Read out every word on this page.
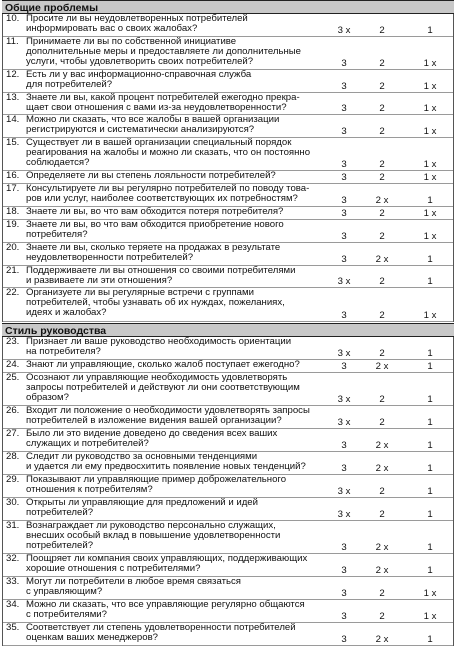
Общие проблемы
10. Просите ли вы неудовлетворенных потребителей
информировать вас о своих жалобах?	3 x	2	1
11. Принимаете ли вы по собственной инициативе
дополнительные меры и предоставляете ли дополнительные
услуги, чтобы удовлетворить своих потребителей?	3	2	1 x
12. Есть ли у вас информационно-справочная служба
для потребителей?	3	2	1 x
13. Знаете ли вы, какой процент потребителей ежегодно прекра-
щает свои отношения с вами из-за неудовлетворенности?	3	2	1 x
14. Можно ли сказать, что все жалобы в вашей организации
регистрируются и систематически анализируются?	3	2	1 x
15. Существует ли в вашей организации специальный порядок
реагирования на жалобы и можно ли сказать, что он постоянно
соблюдается?	3	2	1 x
16. Определяете ли вы степень лояльности потребителей?	3	2	1 x
17. Консультируете ли вы регулярно потребителей по поводу това-
ров или услуг, наиболее соответствующих их потребностям?	3	2 x	1
18. Знаете ли вы, во что вам обходится потеря потребителя?	3	2	1 x
19. Знаете ли вы, во что вам обходится приобретение нового
потребителя?	3	2	1 x
20. Знаете ли вы, сколько теряете на продажах в результате
неудовлетворенности потребителей?	3	2 x	1
21. Поддерживаете ли вы отношения со своими потребителями
и развиваете ли эти отношения?	3 x	2	1
22. Организуете ли вы регулярные встречи с группами
потребителей, чтобы узнавать об их нуждах, пожеланиях,
идеях и жалобах?	3	2	1 x
Стиль руководства
23. Признает ли ваше руководство необходимость ориентации
на потребителя?	3 x	2	1
24. Знают ли управляющие, сколько жалоб поступает ежегодно?	3	2 x	1
25. Осознают ли управляющие необходимость удовлетворять
запросы потребителей и действуют ли они соответствующим
образом?	3 x	2	1
26. Входит ли положение о необходимости удовлетворять запросы
потребителей в изложение видения вашей организации?	3 x	2	1
27. Было ли это видение доведено до сведения всех ваших
служащих и потребителей?	3	2 x	1
28. Следит ли руководство за основными тенденциями
и удается ли ему предвосхитить появление новых тенденций?	3	2 x	1
29. Показывают ли управляющие пример доброжелательного
отношения к потребителям?	3 x	2	1
30. Открыты ли управляющие для предложений и идей
потребителей?	3 x	2	1
31. Вознаграждает ли руководство персонально служащих,
внесших особый вклад в повышение удовлетворенности
потребителей?	3	2 x	1
32. Поощряет ли компания своих управляющих, поддерживающих
хорошие отношения с потребителями?	3	2 x	1
33. Могут ли потребители в любое время связаться
с управляющим?	3	2	1 x
34. Можно ли сказать, что все управляющие регулярно общаются
с потребителями?	3	2	1 x
35. Соответствует ли степень удовлетворенности потребителей
оценкам ваших менеджеров?	3	2 x	1
